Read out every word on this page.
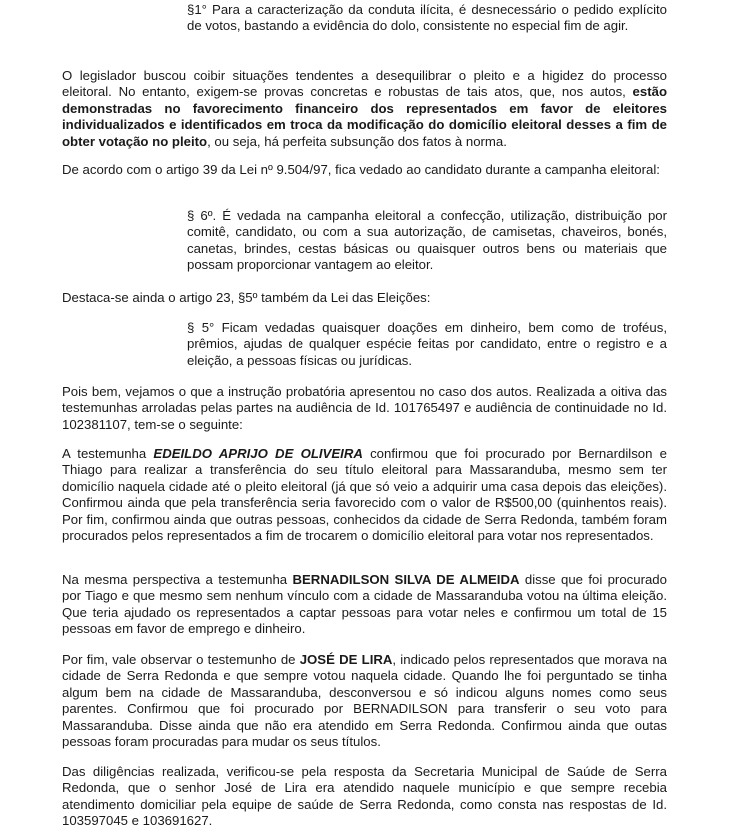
§1° Para a caracterização da conduta ilícita, é desnecessário o pedido explícito de votos, bastando a evidência do dolo, consistente no especial fim de agir.

O legislador buscou coibir situações tendentes a desequilibrar o pleito e a higidez do processo eleitoral. No entanto, exigem-se provas concretas e robustas de tais atos, que, nos autos, estão demonstradas no favorecimento financeiro dos representados em favor de eleitores individualizados e identificados em troca da modificação do domicílio eleitoral desses a fim de obter votação no pleito, ou seja, há perfeita subsunção dos fatos à norma.

De acordo com o artigo 39 da Lei nº 9.504/97, fica vedado ao candidato durante a campanha eleitoral:

§ 6º. É vedada na campanha eleitoral a confecção, utilização, distribuição por comitê, candidato, ou com a sua autorização, de camisetas, chaveiros, bonés, canetas, brindes, cestas básicas ou quaisquer outros bens ou materiais que possam proporcionar vantagem ao eleitor.

Destaca-se ainda o artigo 23, §5º também da Lei das Eleições:

§ 5° Ficam vedadas quaisquer doações em dinheiro, bem como de troféus, prêmios, ajudas de qualquer espécie feitas por candidato, entre o registro e a eleição, a pessoas físicas ou jurídicas.

Pois bem, vejamos o que a instrução probatória apresentou no caso dos autos. Realizada a oitiva das testemunhas arroladas pelas partes na audiência de Id. 101765497 e audiência de continuidade no Id. 102381107, tem-se o seguinte:

A testemunha EDEILDO APRIJO DE OLIVEIRA confirmou que foi procurado por Bernardilson e Thiago para realizar a transferência do seu título eleitoral para Massaranduba, mesmo sem ter domicílio naquela cidade até o pleito eleitoral (já que só veio a adquirir uma casa depois das eleições). Confirmou ainda que pela transferência seria favorecido com o valor de R$500,00 (quinhentos reais). Por fim, confirmou ainda que outras pessoas, conhecidos da cidade de Serra Redonda, também foram procurados pelos representados a fim de trocarem o domicílio eleitoral para votar nos representados.

Na mesma perspectiva a testemunha BERNADILSON SILVA DE ALMEIDA disse que foi procurado por Tiago e que mesmo sem nenhum vínculo com a cidade de Massaranduba votou na última eleição. Que teria ajudado os representados a captar pessoas para votar neles e confirmou um total de 15 pessoas em favor de emprego e dinheiro.

Por fim, vale observar o testemunho de JOSÉ DE LIRA, indicado pelos representados que morava na cidade de Serra Redonda e que sempre votou naquela cidade. Quando lhe foi perguntado se tinha algum bem na cidade de Massaranduba, desconversou e só indicou alguns nomes como seus parentes. Confirmou que foi procurado por BERNADILSON para transferir o seu voto para Massaranduba. Disse ainda que não era atendido em Serra Redonda. Confirmou ainda que outas pessoas foram procuradas para mudar os seus títulos.

Das diligências realizada, verificou-se pela resposta da Secretaria Municipal de Saúde de Serra Redonda, que o senhor José de Lira era atendido naquele município e que sempre recebia atendimento domiciliar pela equipe de saúde de Serra Redonda, como consta nas respostas de Id. 103597045 e 103691627.
